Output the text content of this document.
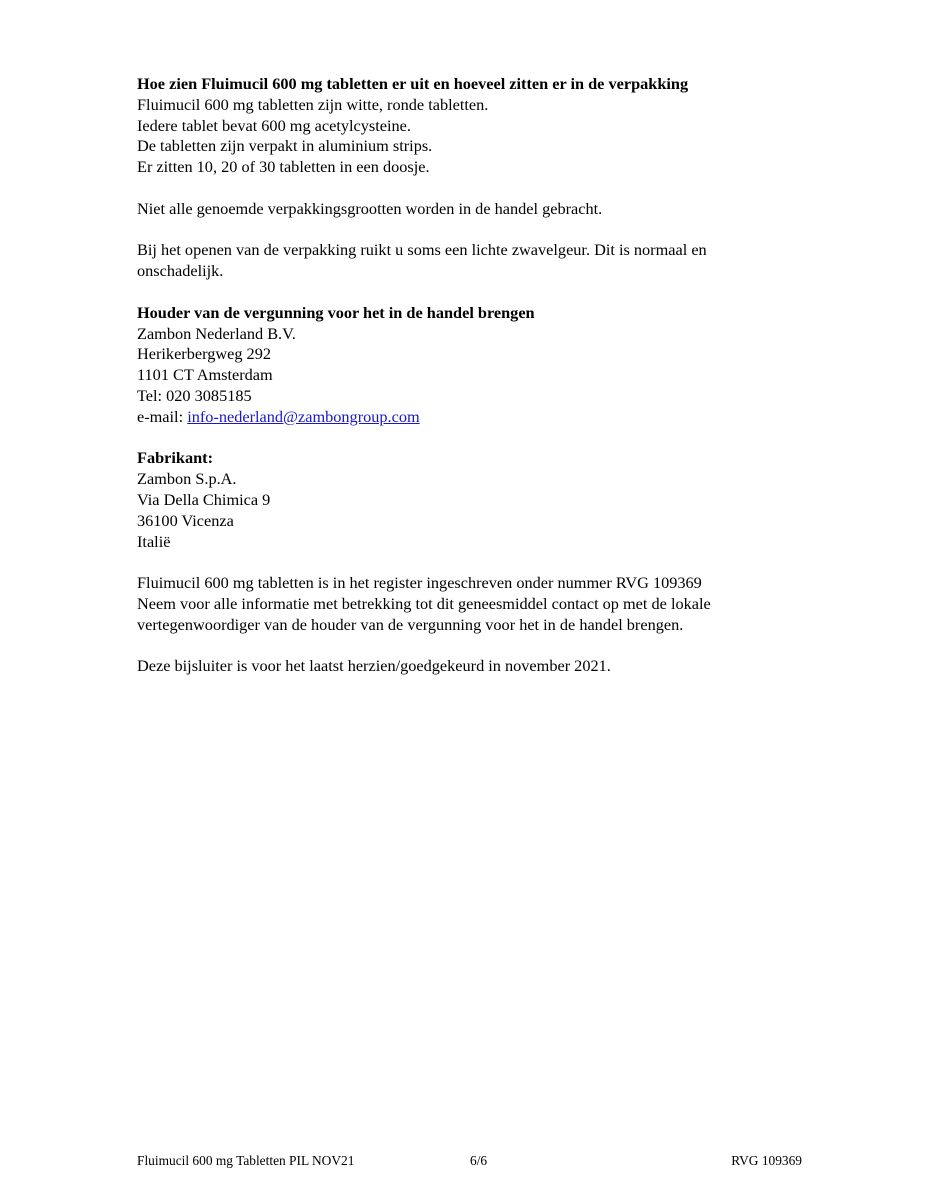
Hoe zien Fluimucil 600 mg tabletten er uit en hoeveel zitten er in de verpakking

Fluimucil 600 mg tabletten zijn witte, ronde tabletten.

Iedere tablet bevat 600 mg acetylcysteine.

De tabletten zijn verpakt in aluminium strips.

Er zitten 10, 20 of 30 tabletten in een doosje.

Niet alle genoemde verpakkingsgrootten worden in de handel gebracht.

Bij het openen van de verpakking ruikt u soms een lichte zwavelgeur. Dit is normaal en onschadelijk.

Houder van de vergunning voor het in de handel brengen

Zambon Nederland B.V.

Herikerbergweg 292

1101 CT Amsterdam

Tel: 020 3085185

e-mail: info-nederland@zambongroup.com

Fabrikant:

Zambon S.p.A.

Via Della Chimica 9

36100 Vicenza

Italië

Fluimucil 600 mg tabletten is in het register ingeschreven onder nummer RVG 109369

Neem voor alle informatie met betrekking tot dit geneesmiddel contact op met de lokale vertegenwoordiger van de houder van de vergunning voor het in de handel brengen.

Deze bijsluiter is voor het laatst herzien/goedgekeurd in november 2021.

Fluimucil 600 mg Tabletten PIL NOV21	6/6	RVG 109369
